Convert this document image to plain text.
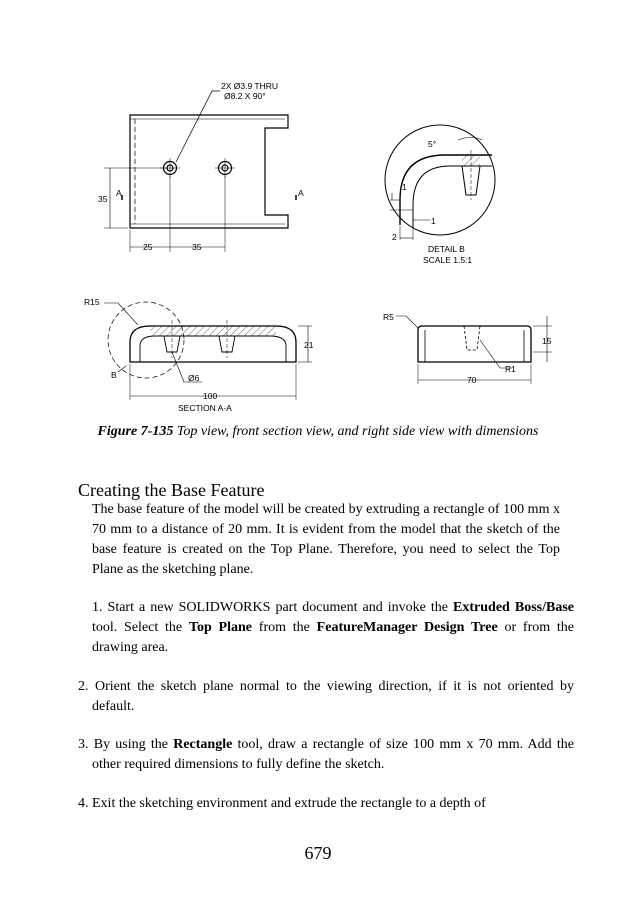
2X Ø3.9 THRU
Ø8.2 X 90°
35
A	A
25	35
5°
1
1
2
DETAIL B
SCALE 1.5:1
R15
B
21
Ø6
100
SECTION A-A
R5
15
R1
70
Figure 7-135 Top view, front section view, and right side view with dimensions
Creating the Base Feature
The base feature of the model will be created by extruding a rectangle of 100 mm x 70 mm to a distance of 20 mm. It is evident from the model that the sketch of the base feature is created on the Top Plane. Therefore, you need to select the Top Plane as the sketching plane.
1. Start a new SOLIDWORKS part document and invoke the Extruded Boss/Base tool. Select the Top Plane from the FeatureManager Design Tree or from the drawing area.
2. Orient the sketch plane normal to the viewing direction, if it is not oriented by default.
3. By using the Rectangle tool, draw a rectangle of size 100 mm x 70 mm. Add the other required dimensions to fully define the sketch.
4. Exit the sketching environment and extrude the rectangle to a depth of
679
